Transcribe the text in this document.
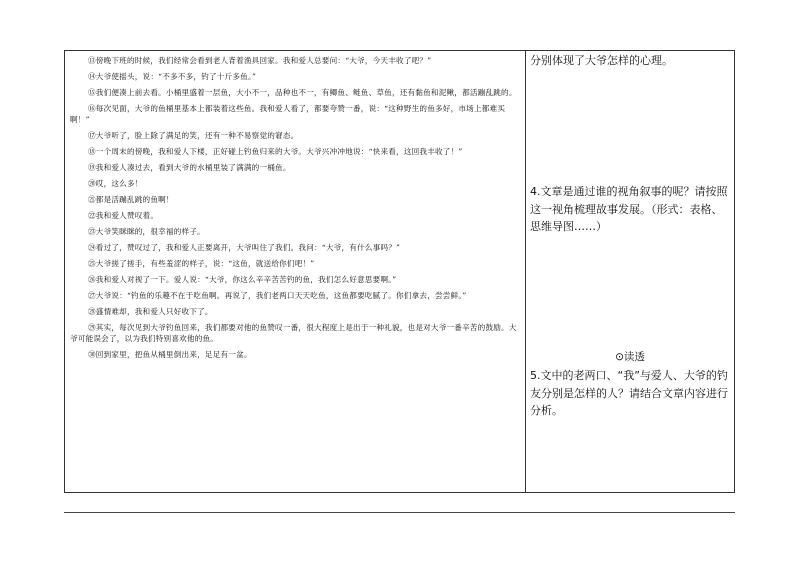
⑬傍晚下班的时候，我们经常会看到老人背着渔具回家。我和爱人总要问：“大爷，今天丰收了吧？”

⑭大爷使摇头，说：“不多不多，钓了十斤多鱼。”

⑮我们便凑上前去看。小桶里盛着一层鱼，大小不一，品种也不一，有鲫鱼、鲢鱼、草鱼，还有黏鱼和泥鳅，都活蹦乱跳的。

⑯每次见面，大爷的鱼桶里基本上都装着这些鱼。我和爱人看了，都要夸赞一番，说：“这种野生的鱼多好，市场上都难买啊！”

⑰大爷听了，脸上除了满足的笑，还有一种不易察觉的窘态。

⑱一个周末的傍晚，我和爱人下楼，正好碰上钓鱼归来的大爷。大爷兴冲冲地说：“快来看，这回我丰收了！”

⑲我和爱人凑过去，看到大爷的水桶里装了满满的一桶鱼。

⑳哎，这么多！

㉑都是活蹦乱跳的鱼啊！

㉒我和爱人赞叹着。

㉓大爷笑眯眯的，很幸福的样子。

㉔看过了，赞叹过了，我和爱人正要离开，大爷叫住了我们。我问：“大爷，有什么事吗？”

㉕大爷搓了搓手，有些羞涩的样子，说：“这鱼，就送给你们吧！”

㉖我和爱人对视了一下。爱人说：“大爷，你这么辛辛苦苦钓的鱼，我们怎么好意思要啊。”

㉗大爷说：“钓鱼的乐趣不在于吃鱼啊。再说了，我们老两口天天吃鱼，这鱼都要吃腻了。你们拿去，尝尝鲜。”

㉘盛情难却，我和爱人只好收下了。

㉙其实，每次见到大爷钓鱼回来，我们都要对他的鱼赞叹一番，很大程度上是出于一种礼貌，也是对大爷一番辛苦的鼓励。大爷可能误会了，以为我们特别喜欢他的鱼。

㉚回到家里，把鱼从桶里倒出来，足足有一盆。

分别体现了大爷怎样的心理。

4.文章是通过谁的视角叙事的呢？请按照这一视角梳理故事发展。（形式：表格、思维导图……）

⊙读透

5.文中的老两口、“我”与爱人、大爷的钓友分别是怎样的人？请结合文章内容进行分析。
